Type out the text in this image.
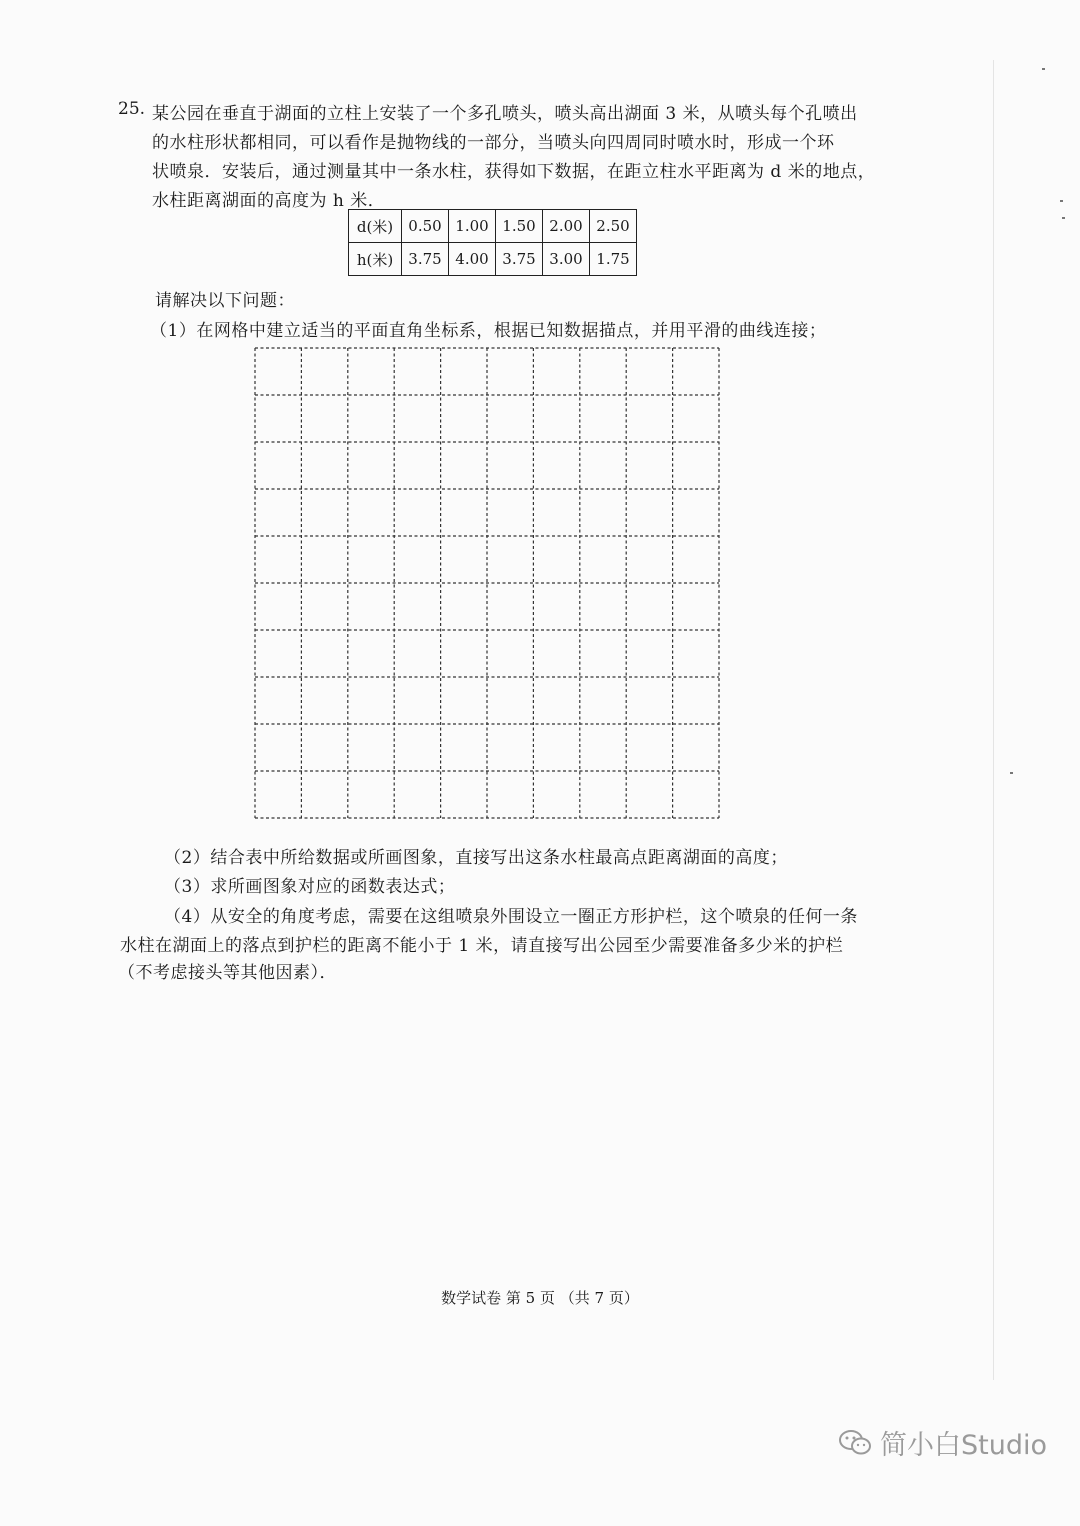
25. 某公园在垂直于湖面的立柱上安装了一个多孔喷头，喷头高出湖面 3 米，从喷头每个孔喷出
的水柱形状都相同，可以看作是抛物线的一部分，当喷头向四周同时喷水时，形成一个环
状喷泉．安装后，通过测量其中一条水柱，获得如下数据，在距立柱水平距离为 d 米的地点，
水柱距离湖面的高度为 h 米．
d(米)	0.50	1.00	1.50	2.00	2.50
h(米)	3.75	4.00	3.75	3.00	1.75
请解决以下问题：
（1）在网格中建立适当的平面直角坐标系，根据已知数据描点，并用平滑的曲线连接；
（2）结合表中所给数据或所画图象，直接写出这条水柱最高点距离湖面的高度；
（3）求所画图象对应的函数表达式；
（4）从安全的角度考虑，需要在这组喷泉外围设立一圈正方形护栏，这个喷泉的任何一条
水柱在湖面上的落点到护栏的距离不能小于 1 米，请直接写出公园至少需要准备多少米的护栏
（不考虑接头等其他因素）．
数学试卷 第 5 页 （共 7 页）
简小白Studio
